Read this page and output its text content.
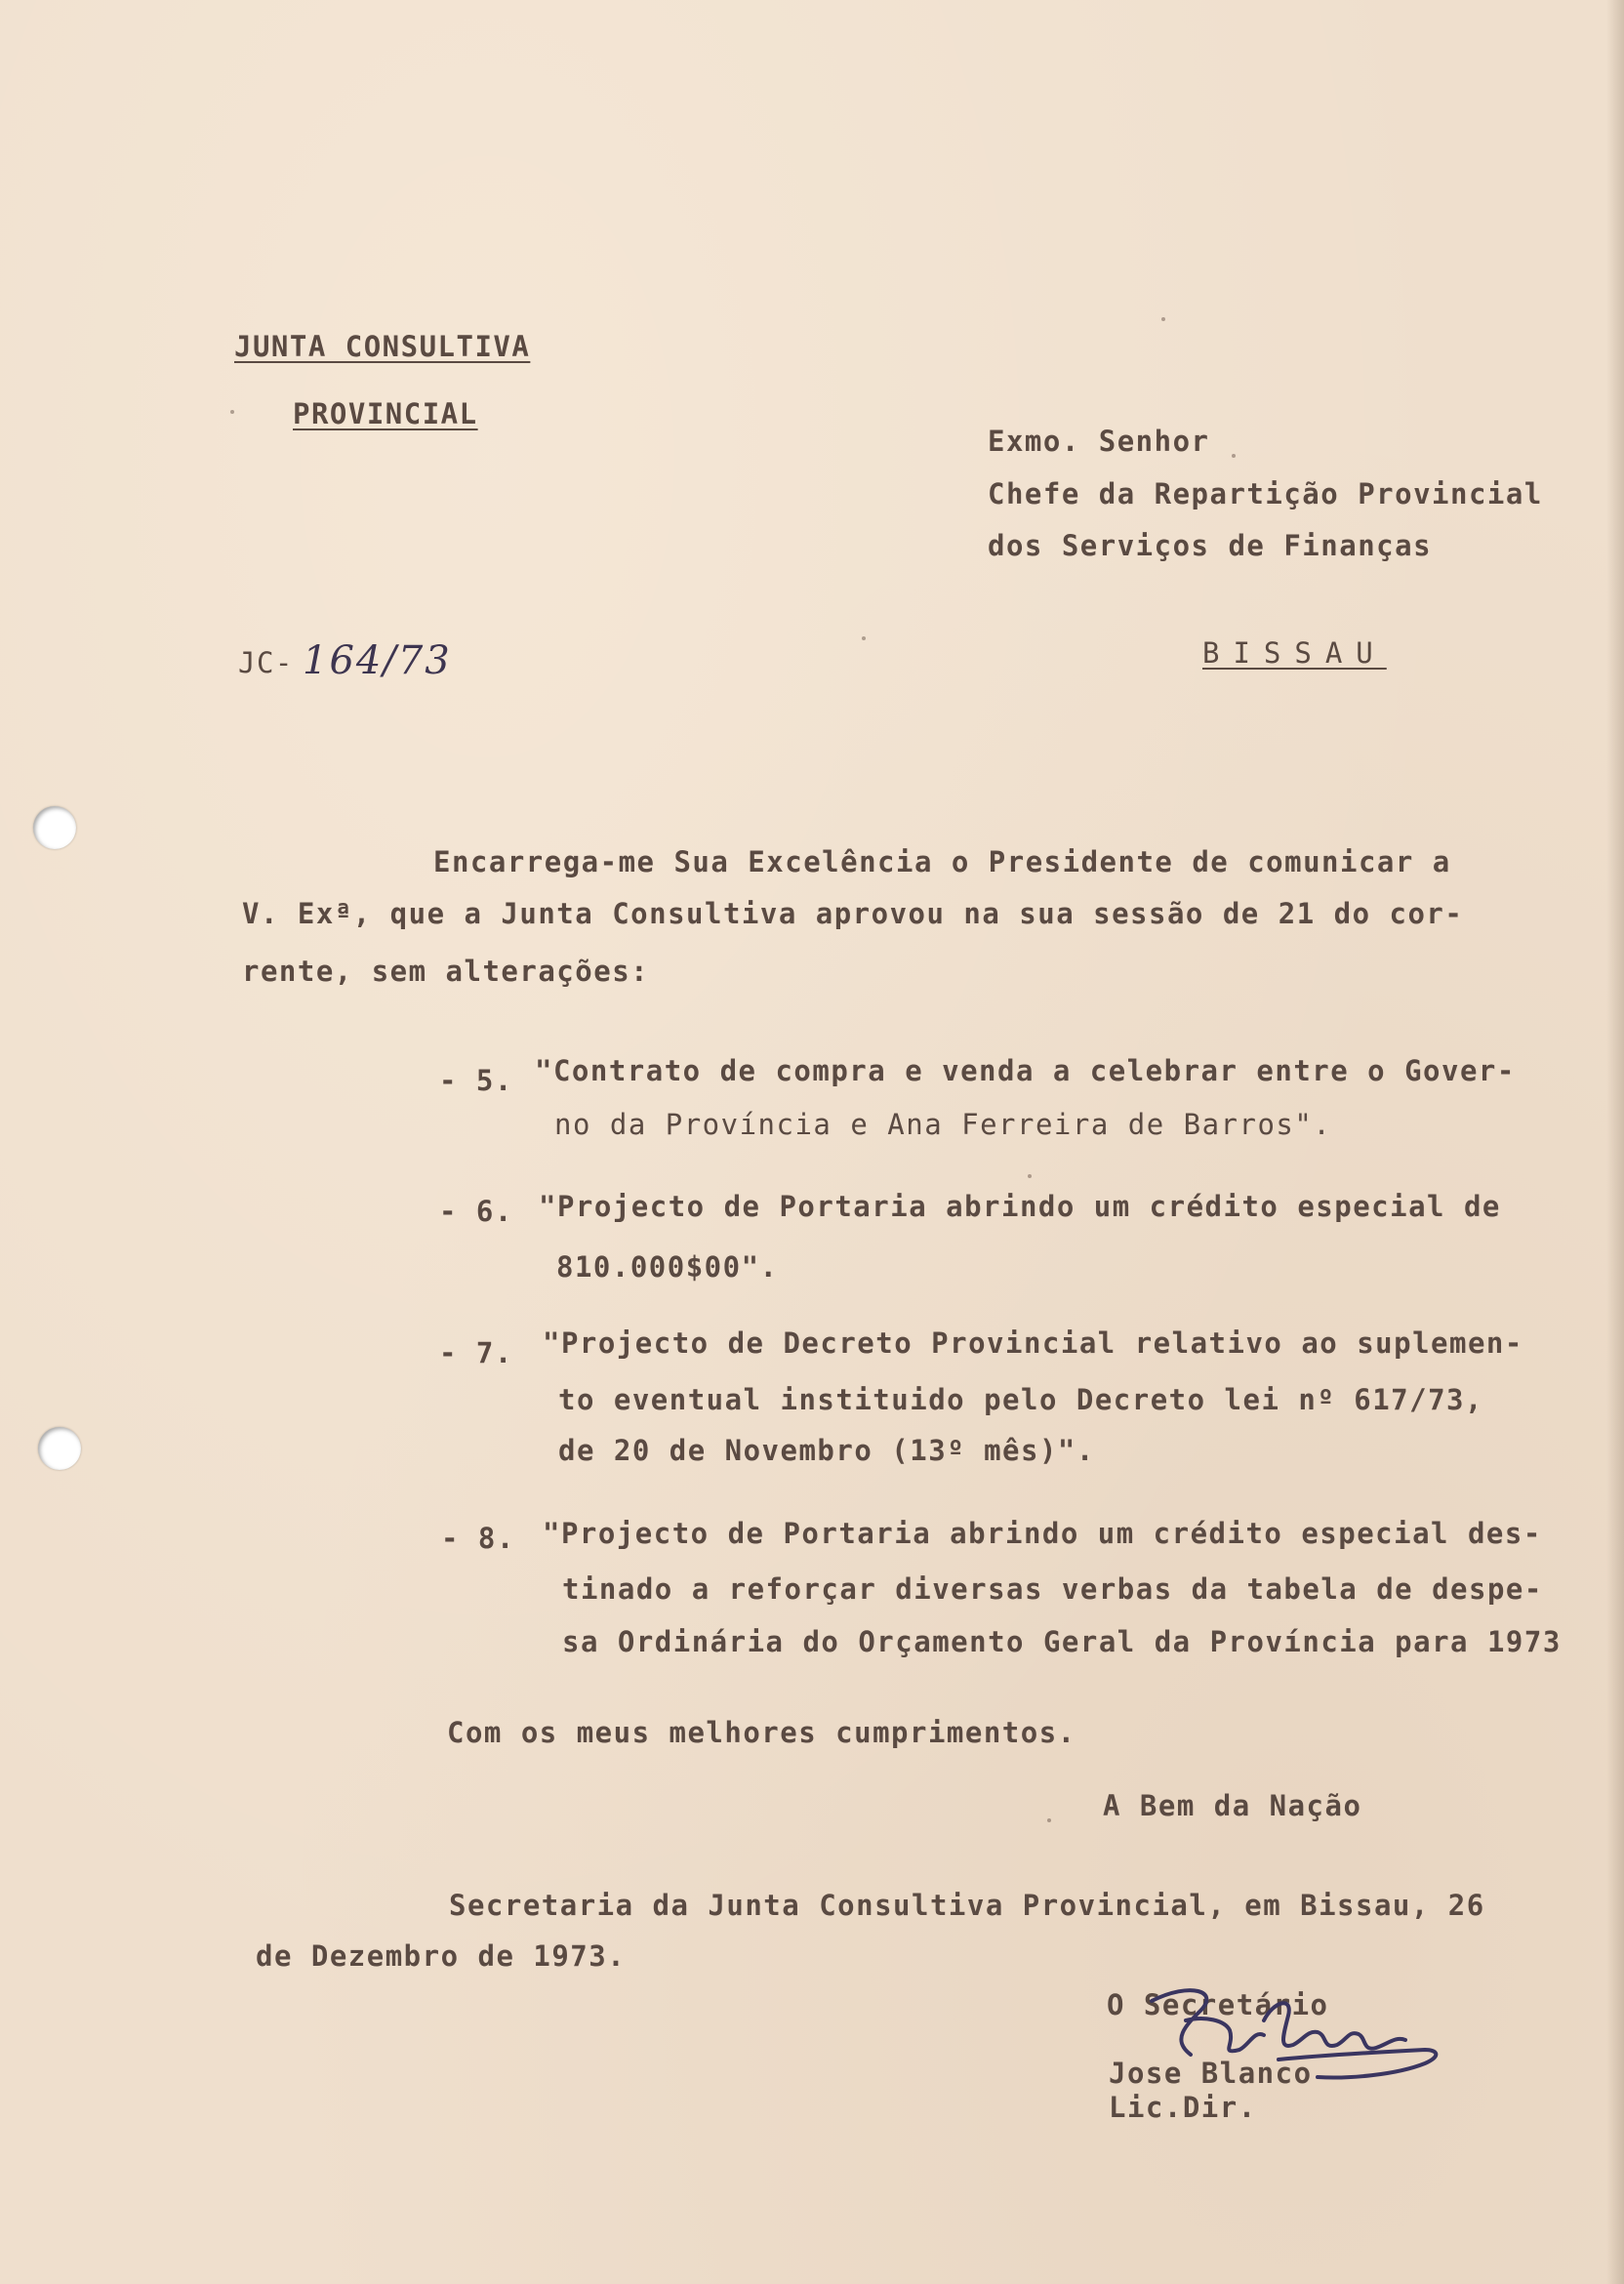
JUNTA CONSULTIVA
PROVINCIAL
JC- 164/73
Exmo. Senhor
Chefe da Repartição Provincial
dos Serviços de Finanças
BISSAU
Encarrega-me Sua Excelência o Presidente de comunicar a
V. Exª, que a Junta Consultiva aprovou na sua sessão de 21 do cor-
rente, sem alterações:
- 5. "Contrato de compra e venda a celebrar entre o Gover-
no da Província e Ana Ferreira de Barros".
- 6. "Projecto de Portaria abrindo um crédito especial de
810.000$00".
- 7. "Projecto de Decreto Provincial relativo ao suplemen-
to eventual instituido pelo Decreto lei nº 617/73,
de 20 de Novembro (13º mês)".
- 8. "Projecto de Portaria abrindo um crédito especial des-
tinado a reforçar diversas verbas da tabela de despe-
sa Ordinária do Orçamento Geral da Província para 1973
Com os meus melhores cumprimentos.
A Bem da Nação
Secretaria da Junta Consultiva Provincial, em Bissau, 26
de Dezembro de 1973.
O Secretário
Jose Blanco
Lic.Dir.
